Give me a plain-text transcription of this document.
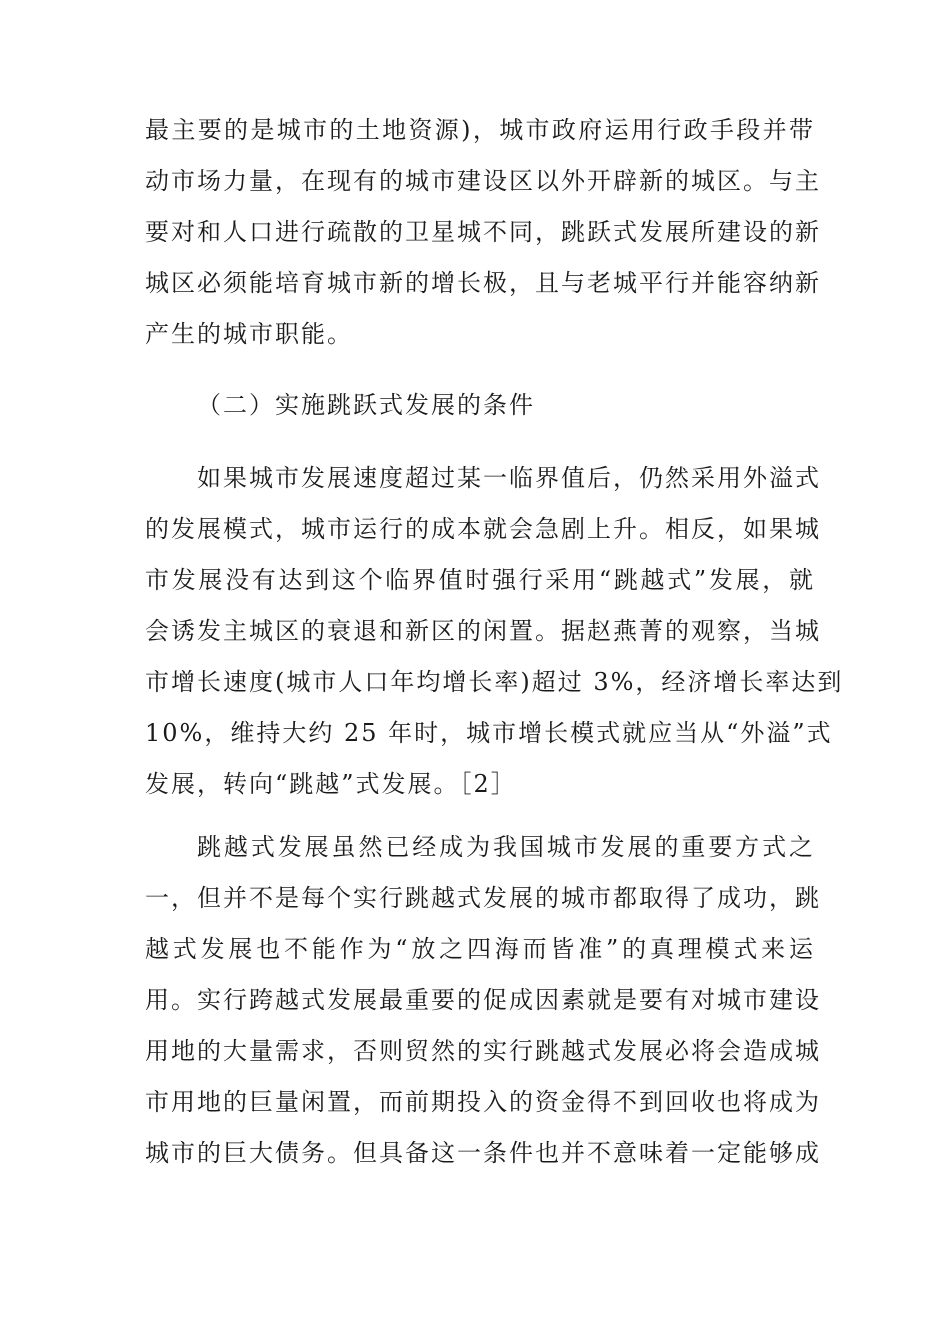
最主要的是城市的土地资源)，城市政府运用行政手段并带
动市场力量，在现有的城市建设区以外开辟新的城区。与主
要对和人口进行疏散的卫星城不同，跳跃式发展所建设的新
城区必须能培育城市新的增长极，且与老城平行并能容纳新
产生的城市职能。
（二）实施跳跃式发展的条件
如果城市发展速度超过某一临界值后，仍然采用外溢式
的发展模式，城市运行的成本就会急剧上升。相反，如果城
市发展没有达到这个临界值时强行采用“跳越式”发展，就
会诱发主城区的衰退和新区的闲置。据赵燕菁的观察，当城
市增长速度(城市人口年均增长率)超过 3%，经济增长率达到
10%，维持大约 25 年时，城市增长模式就应当从“外溢”式
发展，转向“跳越”式发展。［2］
跳越式发展虽然已经成为我国城市发展的重要方式之
一，但并不是每个实行跳越式发展的城市都取得了成功，跳
越式发展也不能作为“放之四海而皆准”的真理模式来运
用。实行跨越式发展最重要的促成因素就是要有对城市建设
用地的大量需求，否则贸然的实行跳越式发展必将会造成城
市用地的巨量闲置，而前期投入的资金得不到回收也将成为
城市的巨大债务。但具备这一条件也并不意味着一定能够成
